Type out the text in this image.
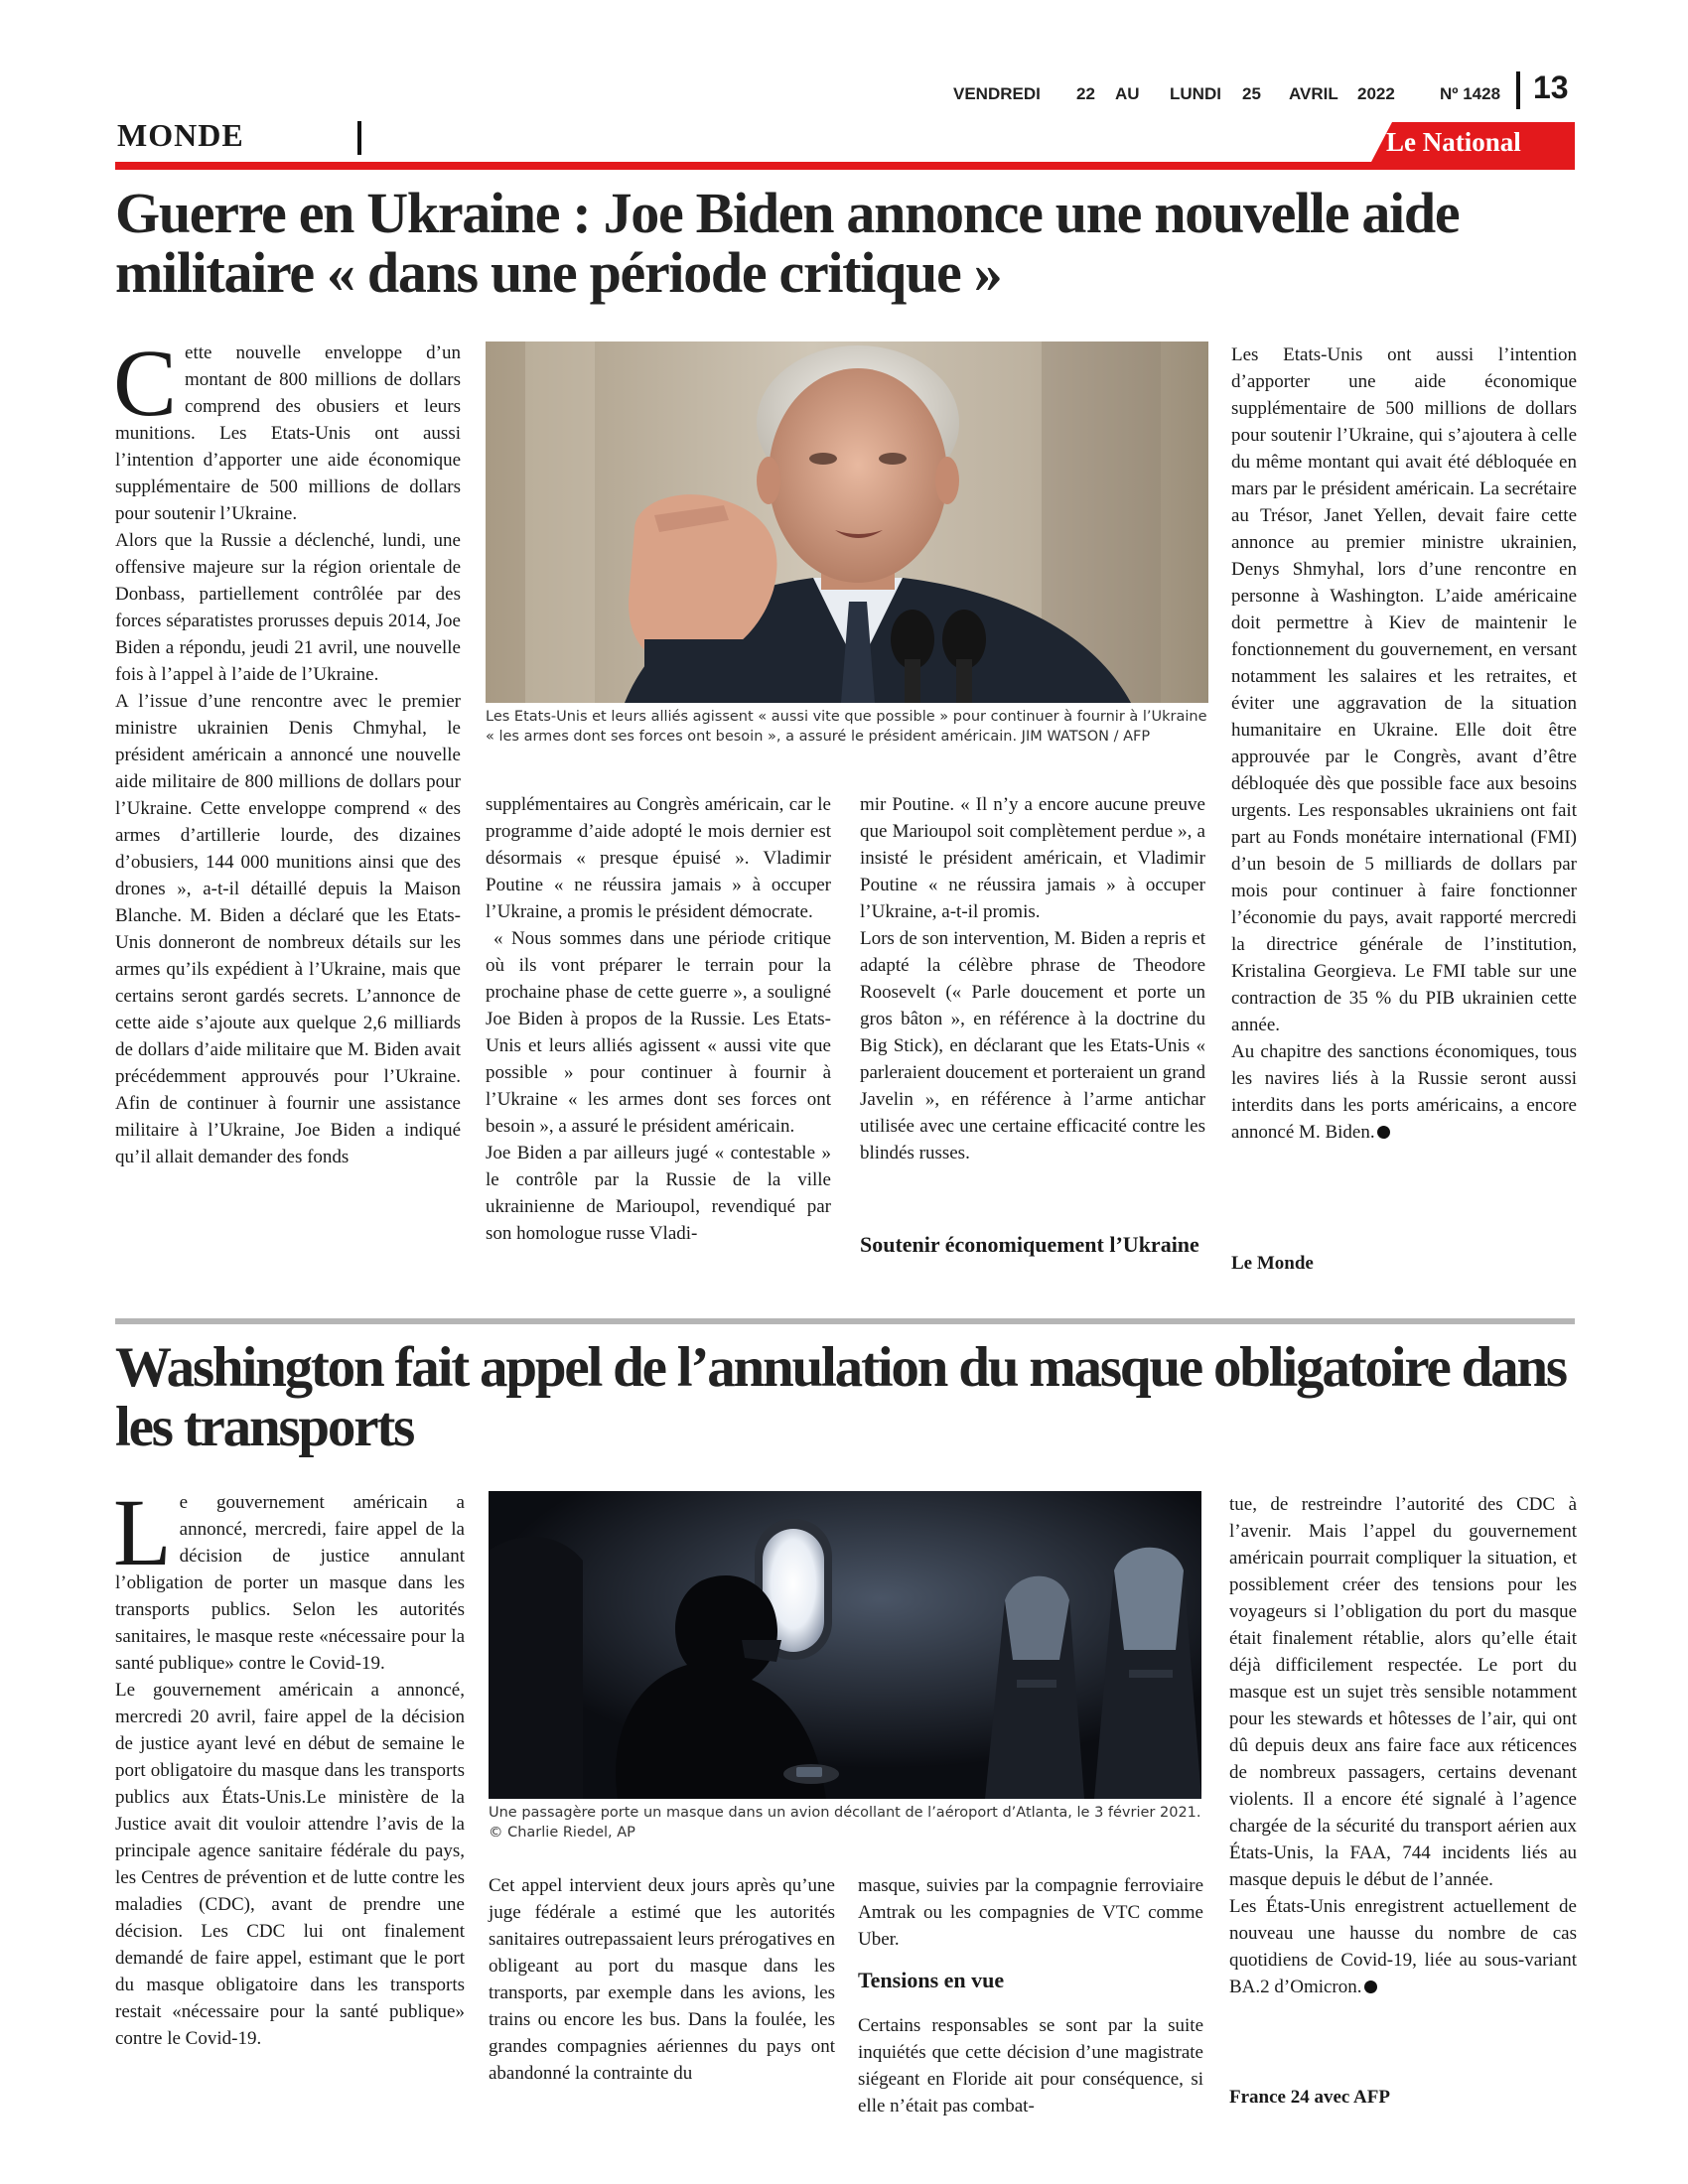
VENDREDI 22 AU LUNDI 25 AVRIL 2022	Nº 1428 13
MONDE	Le National
Guerre en Ukraine : Joe Biden annonce une nouvelle aide militaire « dans une période critique »

Cette nouvelle enveloppe d’un montant de 800 millions de dollars comprend des obusiers et leurs munitions. Les Etats-Unis ont aussi l’intention d’apporter une aide économique supplémentaire de 500 millions de dollars pour soutenir l’Ukraine.

Alors que la Russie a déclenché, lundi, une offensive majeure sur la région orientale de Donbass, partiellement contrôlée par des forces séparatistes prorusses depuis 2014, Joe Biden a répondu, jeudi 21 avril, une nouvelle fois à l’appel à l’aide de l’Ukraine.

A l’issue d’une rencontre avec le premier ministre ukrainien Denis Chmyhal, le président américain a annoncé une nouvelle aide militaire de 800 millions de dollars pour l’Ukraine. Cette enveloppe comprend « des armes d’artillerie lourde, des dizaines d’obusiers, 144 000 munitions ainsi que des drones », a-t-il détaillé depuis la Maison Blanche. M. Biden a déclaré que les Etats-Unis donneront de nombreux détails sur les armes qu’ils expédient à l’Ukraine, mais que certains seront gardés secrets. L’annonce de cette aide s’ajoute aux quelque 2,6 milliards de dollars d’aide militaire que M. Biden avait précédemment approuvés pour l’Ukraine. Afin de continuer à fournir une assistance militaire à l’Ukraine, Joe Biden a indiqué qu’il allait demander des fonds

Les Etats-Unis et leurs alliés agissent « aussi vite que possible » pour continuer à fournir à l’Ukraine « les armes dont ses forces ont besoin », a assuré le président américain. JIM WATSON / AFP

supplémentaires au Congrès américain, car le programme d’aide adopté le mois dernier est désormais « presque épuisé ». Vladimir Poutine « ne réussira jamais » à occuper l’Ukraine, a promis le président démocrate.

« Nous sommes dans une période critique où ils vont préparer le terrain pour la prochaine phase de cette guerre », a souligné Joe Biden à propos de la Russie. Les Etats-Unis et leurs alliés agissent « aussi vite que possible » pour continuer à fournir à l’Ukraine « les armes dont ses forces ont besoin », a assuré le président américain.

Joe Biden a par ailleurs jugé « contestable » le contrôle par la Russie de la ville ukrainienne de Marioupol, revendiqué par son homologue russe Vladi-

mir Poutine. « Il n’y a encore aucune preuve que Marioupol soit complètement perdue », a insisté le président américain, et Vladimir Poutine « ne réussira jamais » à occuper l’Ukraine, a-t-il promis.

Lors de son intervention, M. Biden a repris et adapté la célèbre phrase de Theodore Roosevelt (« Parle doucement et porte un gros bâton », en référence à la doctrine du Big Stick), en déclarant que les Etats-Unis « parleraient doucement et porteraient un grand Javelin », en référence à l’arme antichar utilisée avec une certaine efficacité contre les blindés russes.

Soutenir économiquement l’Ukraine

Les Etats-Unis ont aussi l’intention d’apporter une aide économique supplémentaire de 500 millions de dollars pour soutenir l’Ukraine, qui s’ajoutera à celle du même montant qui avait été débloquée en mars par le président américain. La secrétaire au Trésor, Janet Yellen, devait faire cette annonce au premier ministre ukrainien, Denys Shmyhal, lors d’une rencontre en personne à Washington. L’aide américaine doit permettre à Kiev de maintenir le fonctionnement du gouvernement, en versant notamment les salaires et les retraites, et éviter une aggravation de la situation humanitaire en Ukraine. Elle doit être approuvée par le Congrès, avant d’être débloquée dès que possible face aux besoins urgents. Les responsables ukrainiens ont fait part au Fonds monétaire international (FMI) d’un besoin de 5 milliards de dollars par mois pour continuer à faire fonctionner l’économie du pays, avait rapporté mercredi la directrice générale de l’institution, Kristalina Georgieva. Le FMI table sur une contraction de 35 % du PIB ukrainien cette année.

Au chapitre des sanctions économiques, tous les navires liés à la Russie seront aussi interdits dans les ports américains, a encore annoncé M. Biden.

Le Monde
Washington fait appel de l’annulation du masque obligatoire dans les transports

Le gouvernement américain a annoncé, mercredi, faire appel de la décision de justice annulant l’obligation de porter un masque dans les transports publics. Selon les autorités sanitaires, le masque reste «nécessaire pour la santé publique» contre le Covid-19.

Le gouvernement américain a annoncé, mercredi 20 avril, faire appel de la décision de justice ayant levé en début de semaine le port obligatoire du masque dans les transports publics aux États-Unis.Le ministère de la Justice avait dit vouloir attendre l’avis de la principale agence sanitaire fédérale du pays, les Centres de prévention et de lutte contre les maladies (CDC), avant de prendre une décision. Les CDC lui ont finalement demandé de faire appel, estimant que le port du masque obligatoire dans les transports restait «nécessaire pour la santé publique» contre le Covid-19.

Une passagère porte un masque dans un avion décollant de l’aéroport d’Atlanta, le 3 février 2021. © Charlie Riedel, AP

Cet appel intervient deux jours après qu’une juge fédérale a estimé que les autorités sanitaires outrepassaient leurs prérogatives en obligeant au port du masque dans les transports, par exemple dans les avions, les trains ou encore les bus. Dans la foulée, les grandes compagnies aériennes du pays ont abandonné la contrainte du

masque, suivies par la compagnie ferroviaire Amtrak ou les compagnies de VTC comme Uber.

Tensions en vue

Certains responsables se sont par la suite inquiétés que cette décision d’une magistrate siégeant en Floride ait pour conséquence, si elle n’était pas combat-

tue, de restreindre l’autorité des CDC à l’avenir. Mais l’appel du gouvernement américain pourrait compliquer la situation, et possiblement créer des tensions pour les voyageurs si l’obligation du port du masque était finalement rétablie, alors qu’elle était déjà difficilement respectée. Le port du masque est un sujet très sensible notamment pour les stewards et hôtesses de l’air, qui ont dû depuis deux ans faire face aux réticences de nombreux passagers, certains devenant violents. Il a encore été signalé à l’agence chargée de la sécurité du transport aérien aux États-Unis, la FAA, 744 incidents liés au masque depuis le début de l’année.

Les États-Unis enregistrent actuellement de nouveau une hausse du nombre de cas quotidiens de Covid-19, liée au sous-variant BA.2 d’Omicron.

France 24 avec AFP
